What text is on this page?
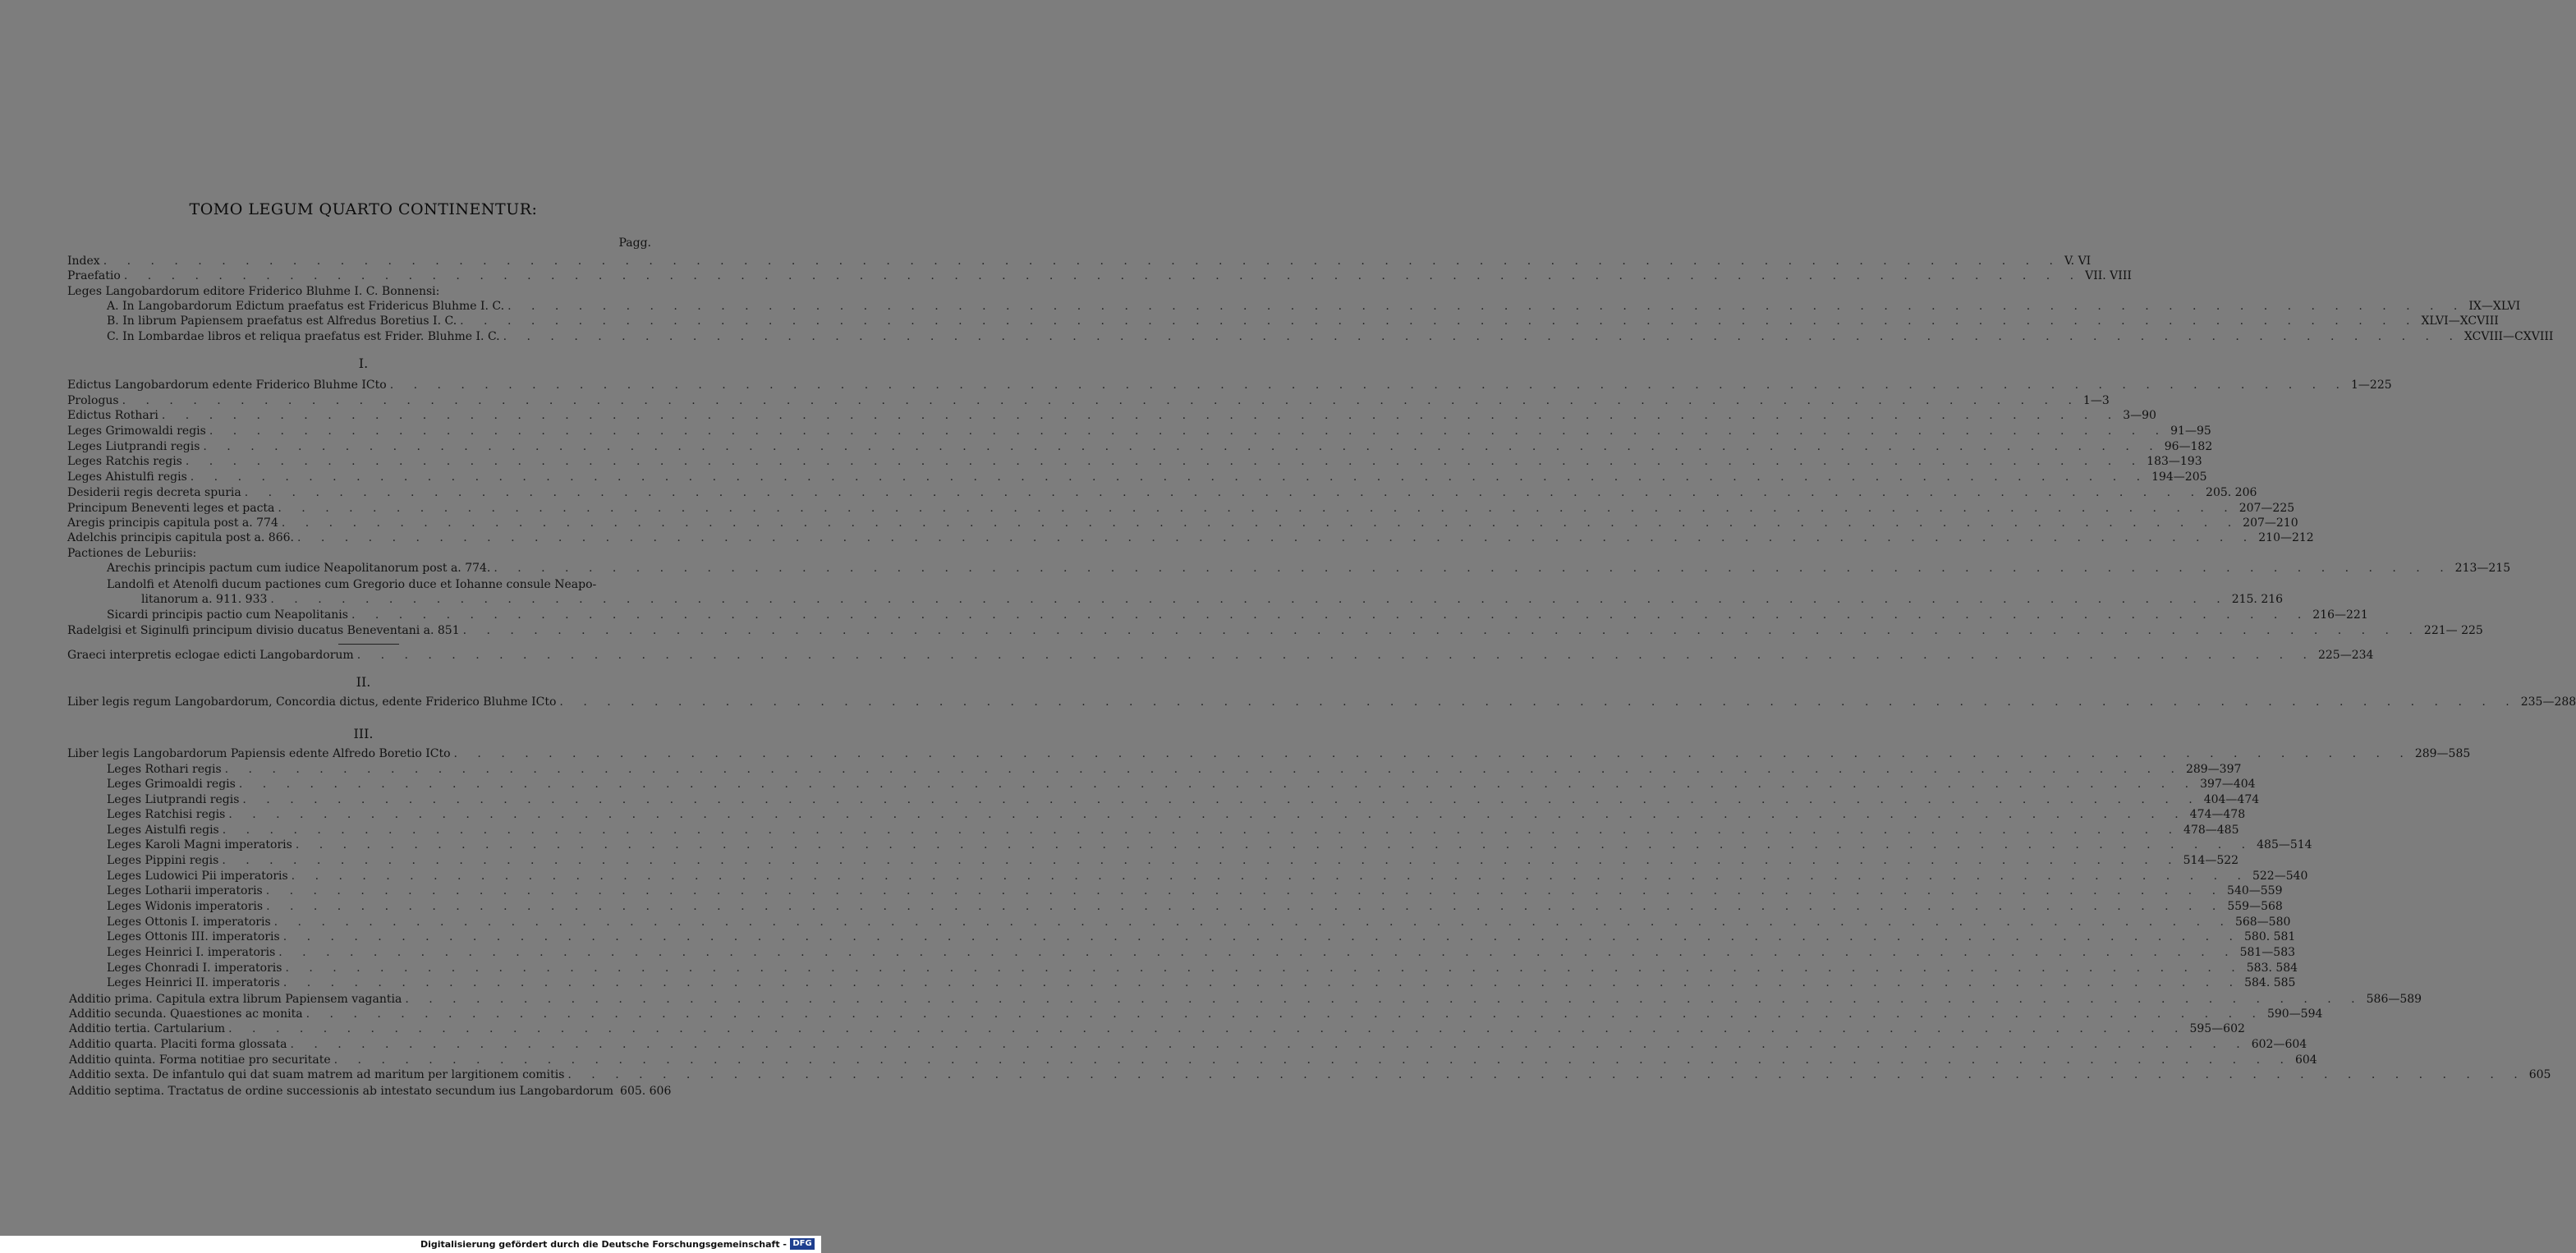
TOMO LEGUM QUARTO CONTINENTUR:
Pagg.
Index . . .	V. VI
Praefatio . . .	VII. VIII
Leges Langobardorum editore Friderico Bluhme I. C. Bonnensi:
A. In Langobardorum Edictum praefatus est Fridericus Bluhme I. C. . . .	IX—XLVI
B. In librum Papiensem praefatus est Alfredus Boretius I. C. . . .	XLVI—XCVIII
C. In Lombardae libros et reliqua praefatus est Frider. Bluhme I. C. . . .	XCVIII—CXVIII
Edictus Langobardorum edente Friderico Bluhme ICto . . .	1—225
Prologus . . .	1—3
Edictus Rothari . . .	3—90
Leges Grimowaldi regis . . .	91—95
Leges Liutprandi regis . . .	96—182
Leges Ratchis regis . . .	183—193
Leges Ahistulfi regis . . .	194—205
Desiderii regis decreta spuria . . .	205. 206
Principum Beneventi leges et pacta . . .	207—225
Aregis principis capitula post a. 774 . . .	207—210
Adelchis principis capitula post a. 866. . . .	210—212
Pactiones de Leburiis:
Arechis principis pactum cum iudice Neapolitanorum post a. 774. . . .	213—215
Landolfi et Atenolfi ducum pactiones cum Gregorio duce et Iohanne consule Neapo-
litanorum a. 911. 933 . . .	215. 216
Sicardi principis pactio cum Neapolitanis . . .	216—221
Radelgisi et Siginulfi principum divisio ducatus Beneventani a. 851 . . .	221— 225
Graeci interpretis eclogae edicti Langobardorum . . .	225—234
Liber legis regum Langobardorum, Concordia dictus, edente Friderico Bluhme ICto . . .	235—288
Liber legis Langobardorum Papiensis edente Alfredo Boretio ICto . . .	289—585
Leges Rothari regis . . .	289—397
Leges Grimoaldi regis . . .	397—404
Leges Liutprandi regis . . .	404—474
Leges Ratchisi regis . . .	474—478
Leges Aistulfi regis . . .	478—485
Leges Karoli Magni imperatoris . . .	485—514
Leges Pippini regis . . .	514—522
Leges Ludowici Pii imperatoris . . .	522—540
Leges Lotharii imperatoris . . .	540—559
Leges Widonis imperatoris . . .	559—568
Leges Ottonis I. imperatoris . . .	568—580
Leges Ottonis III. imperatoris . . .	580. 581
Leges Heinrici I. imperatoris . . .	581—583
Leges Chonradi I. imperatoris . . .	583. 584
Leges Heinrici II. imperatoris . . .	584. 585
Additio prima. Capitula extra librum Papiensem vagantia . . .	586—589
Additio secunda. Quaestiones ac monita . . .	590—594
Additio tertia. Cartularium . . .	595—602
Additio quarta. Placiti forma glossata . . .	602—604
Additio quinta. Forma notitiae pro securitate . . .	604
Additio sexta. De infantulo qui dat suam matrem ad maritum per largitionem comitis . . .	605
Additio septima. Tractatus de ordine successionis ab intestato secundum ius Langobardorum 605. 606
I.
II.
III.
Digitalisierung gefördert durch die Deutsche Forschungsgemeinschaft - DFG
